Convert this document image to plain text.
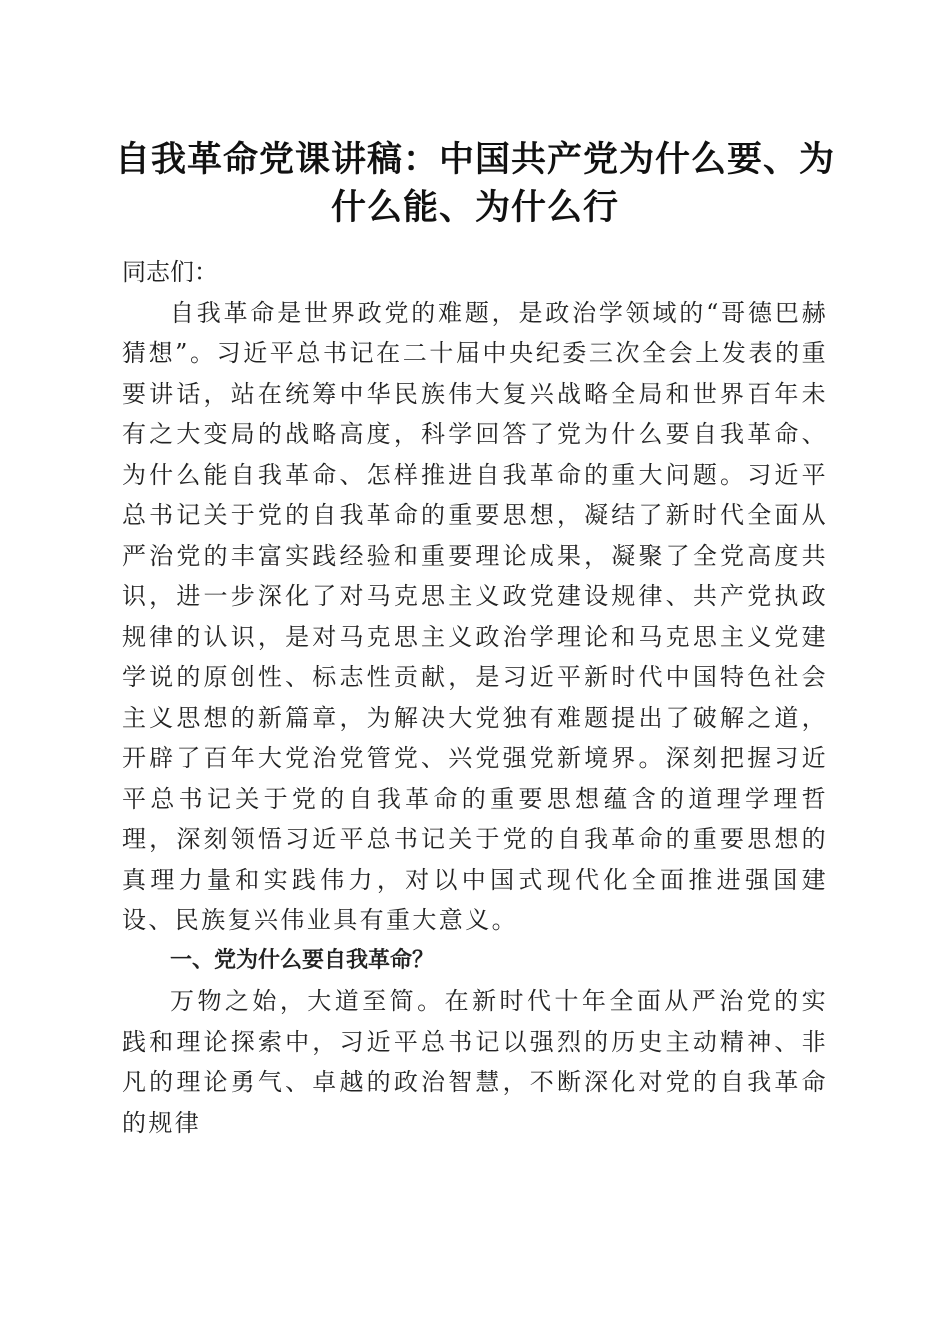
自我革命党课讲稿：中国共产党为什么要、为什么能、为什么行

同志们：

自我革命是世界政党的难题，是政治学领域的“哥德巴赫猜想”。习近平总书记在二十届中央纪委三次全会上发表的重要讲话，站在统筹中华民族伟大复兴战略全局和世界百年未有之大变局的战略高度，科学回答了党为什么要自我革命、为什么能自我革命、怎样推进自我革命的重大问题。习近平总书记关于党的自我革命的重要思想，凝结了新时代全面从严治党的丰富实践经验和重要理论成果，凝聚了全党高度共识，进一步深化了对马克思主义政党建设规律、共产党执政规律的认识，是对马克思主义政治学理论和马克思主义党建学说的原创性、标志性贡献，是习近平新时代中国特色社会主义思想的新篇章，为解决大党独有难题提出了破解之道，开辟了百年大党治党管党、兴党强党新境界。深刻把握习近平总书记关于党的自我革命的重要思想蕴含的道理学理哲理，深刻领悟习近平总书记关于党的自我革命的重要思想的真理力量和实践伟力，对以中国式现代化全面推进强国建设、民族复兴伟业具有重大意义。

一、党为什么要自我革命？

万物之始，大道至简。在新时代十年全面从严治党的实践和理论探索中，习近平总书记以强烈的历史主动精神、非凡的理论勇气、卓越的政治智慧，不断深化对党的自我革命的规律
